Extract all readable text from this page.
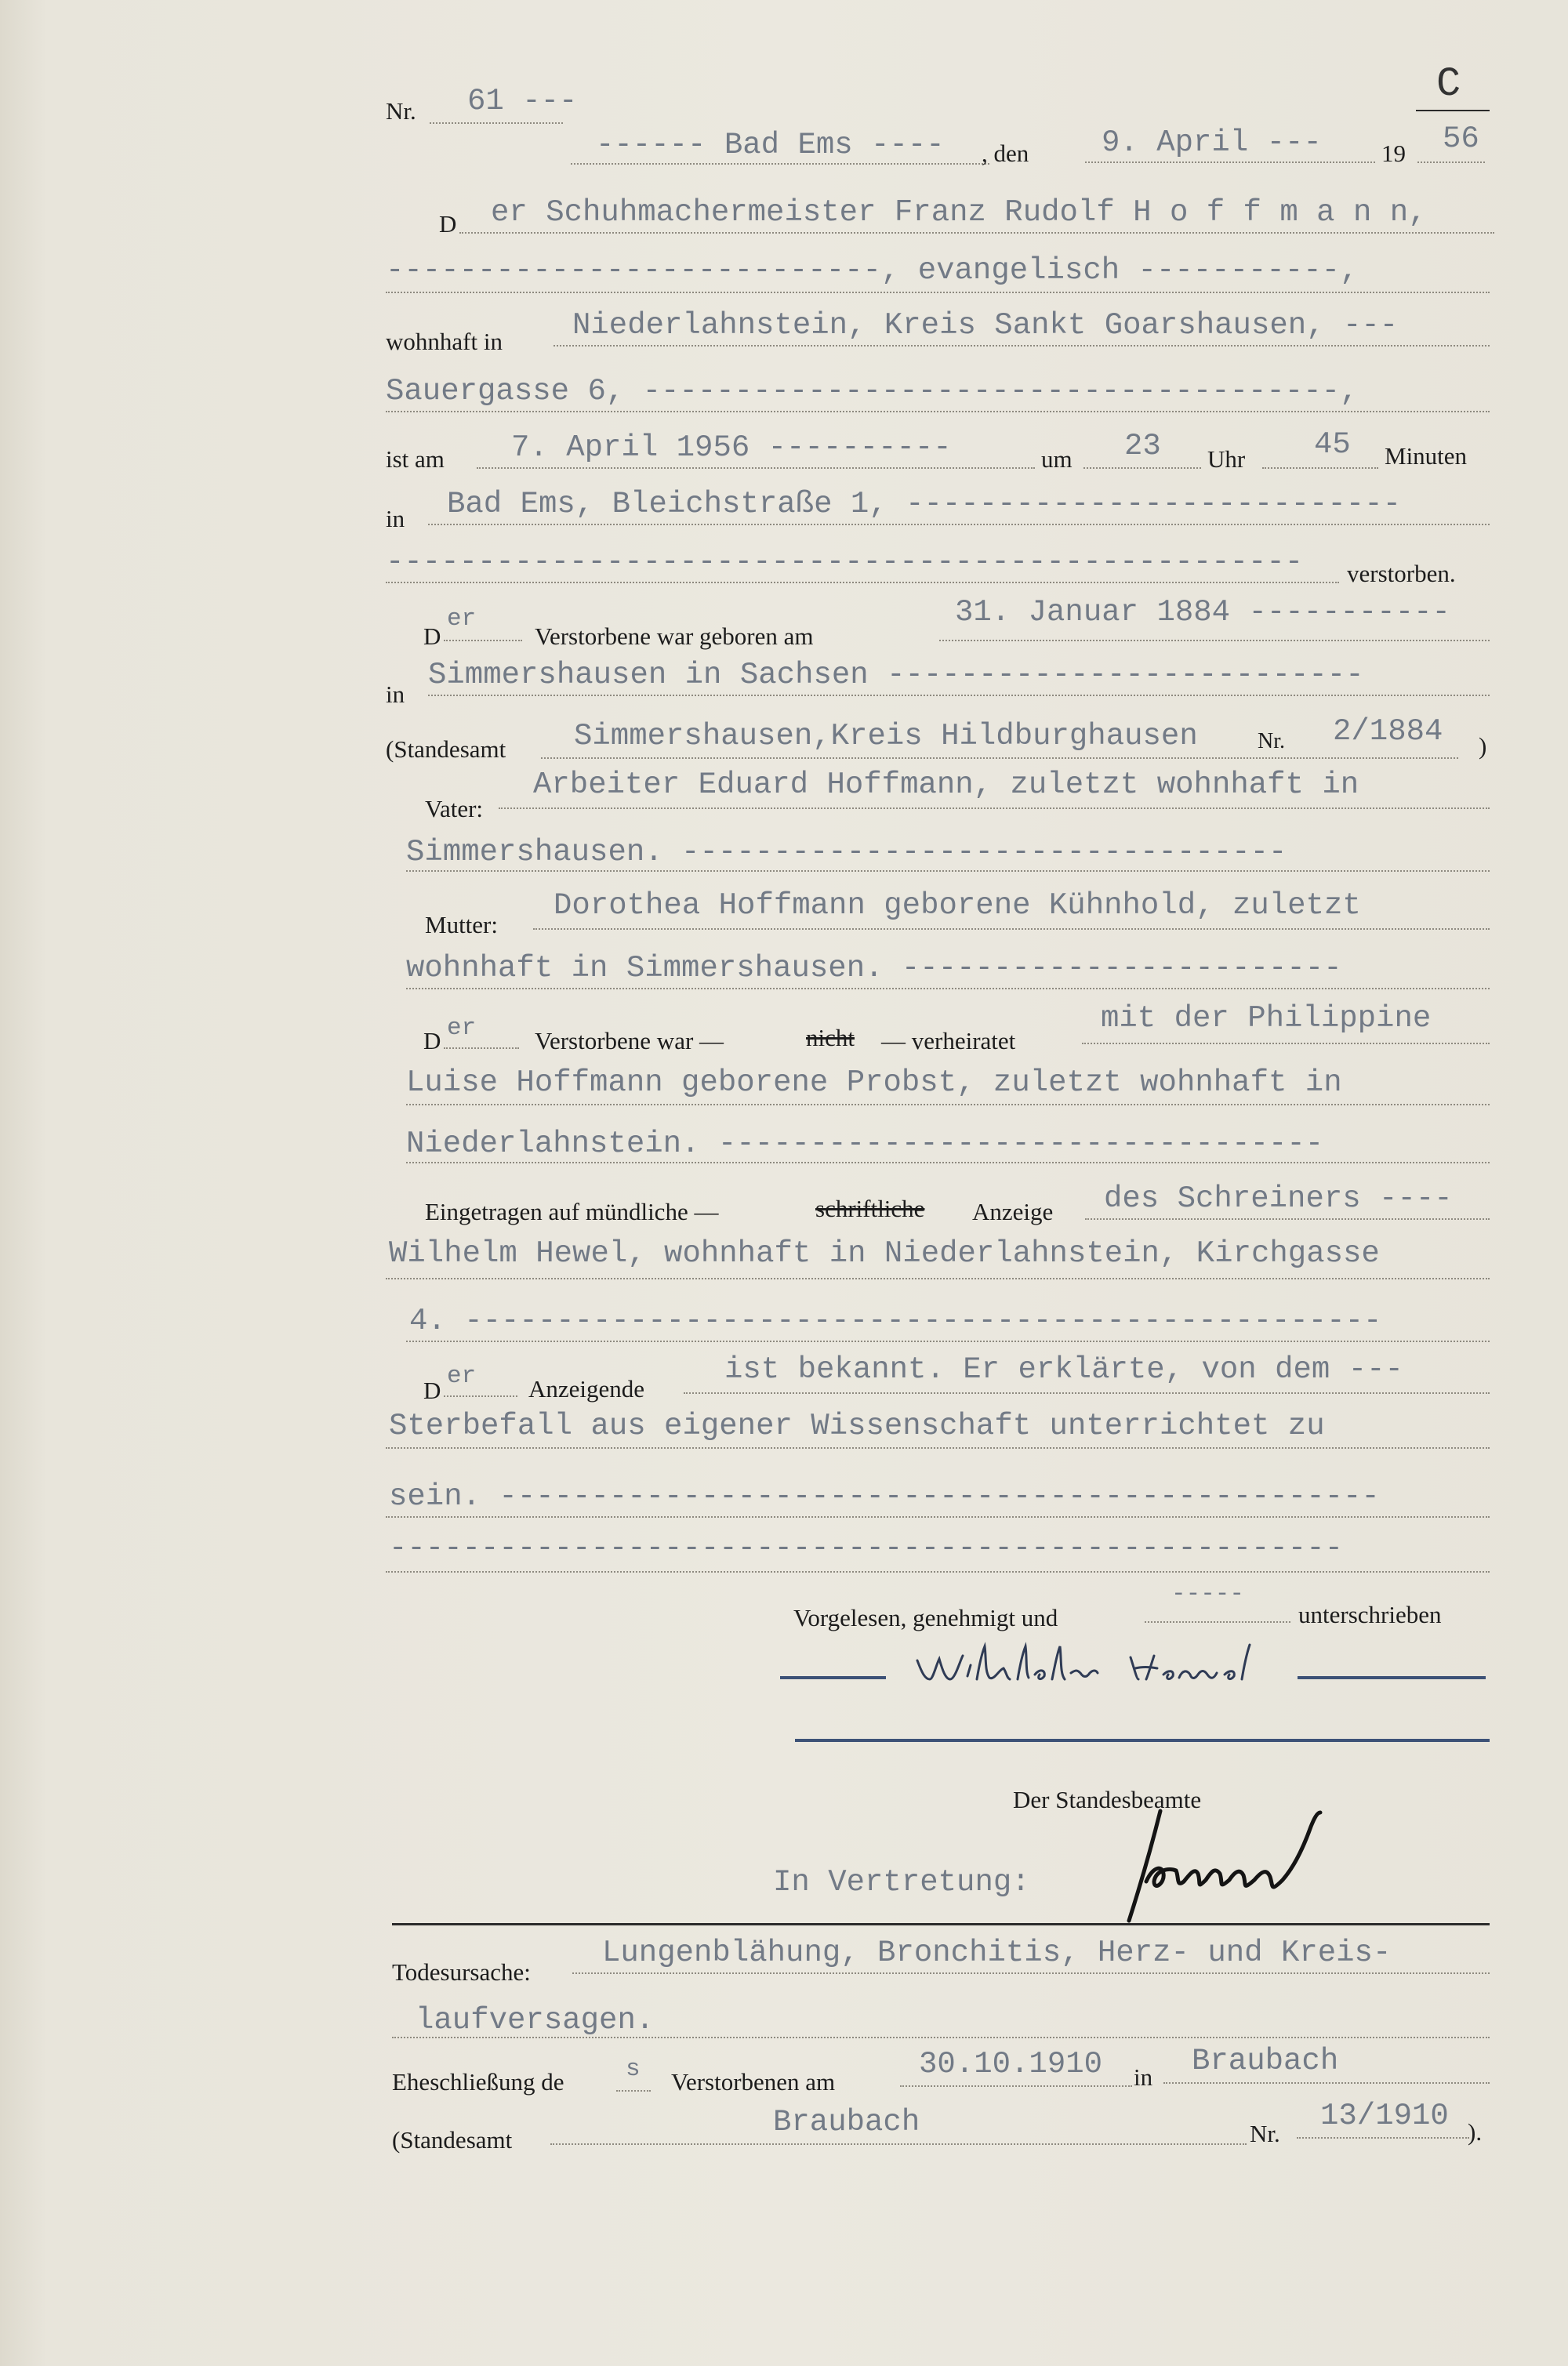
C
Nr. 61 ---
------ Bad Ems ---- , den 9. April --- 19 56
D er Schuhmachermeister Franz Rudolf H o f f m a n n,
---------------------------, evangelisch -----------,
wohnhaft in Niederlahnstein, Kreis Sankt Goarshausen, ---
Sauergasse 6, --------------------------------------,
ist am 7. April 1956 ----------	um 23 Uhr 45 Minuten
in Bad Ems, Bleichstraße 1, ---------------------------
-------------------------------------------------- verstorben.
D
er
Verstorbene war geboren am
31. Januar 1884 -----------
in
Simmershausen in Sachsen --------------------------
(Standesamt Simmershausen,Kreis Hildburghausen	Nr. 2/1884 )
Vater:
Arbeiter Eduard Hoffmann, zuletzt wohnhaft in
Simmershausen. ---------------------------------
Mutter:
Dorothea Hoffmann geborene Kühnhold, zuletzt
wohnhaft in Simmershausen. ------------------------
D er Verstorbene war —	nicht — verheiratet
mit der Philippine
Luise Hoffmann geborene Probst, zuletzt wohnhaft in
Niederlahnstein. ---------------------------------
Eingetragen auf mündliche —	schriftliche Anzeige des Schreiners ----
Wilhelm Hewel, wohnhaft in Niederlahnstein, Kirchgasse
4. --------------------------------------------------
D
er Anzeigende
ist bekannt. Er erklärte, von dem ---
Sterbefall aus eigener Wissenschaft unterrichtet zu
sein. ------------------------------------------------
----------------------------------------------------
Vorgelesen, genehmigt und
-----
unterschrieben
Der Standesbeamte
In Vertretung:
Todesursache:
Lungenblähung, Bronchitis, Herz- und Kreis-
laufversagen.
Eheschließung de	s Verstorbenen am
30.10.1910 in Braubach
(Standesamt
Braubach	Nr.
13/1910 ).
